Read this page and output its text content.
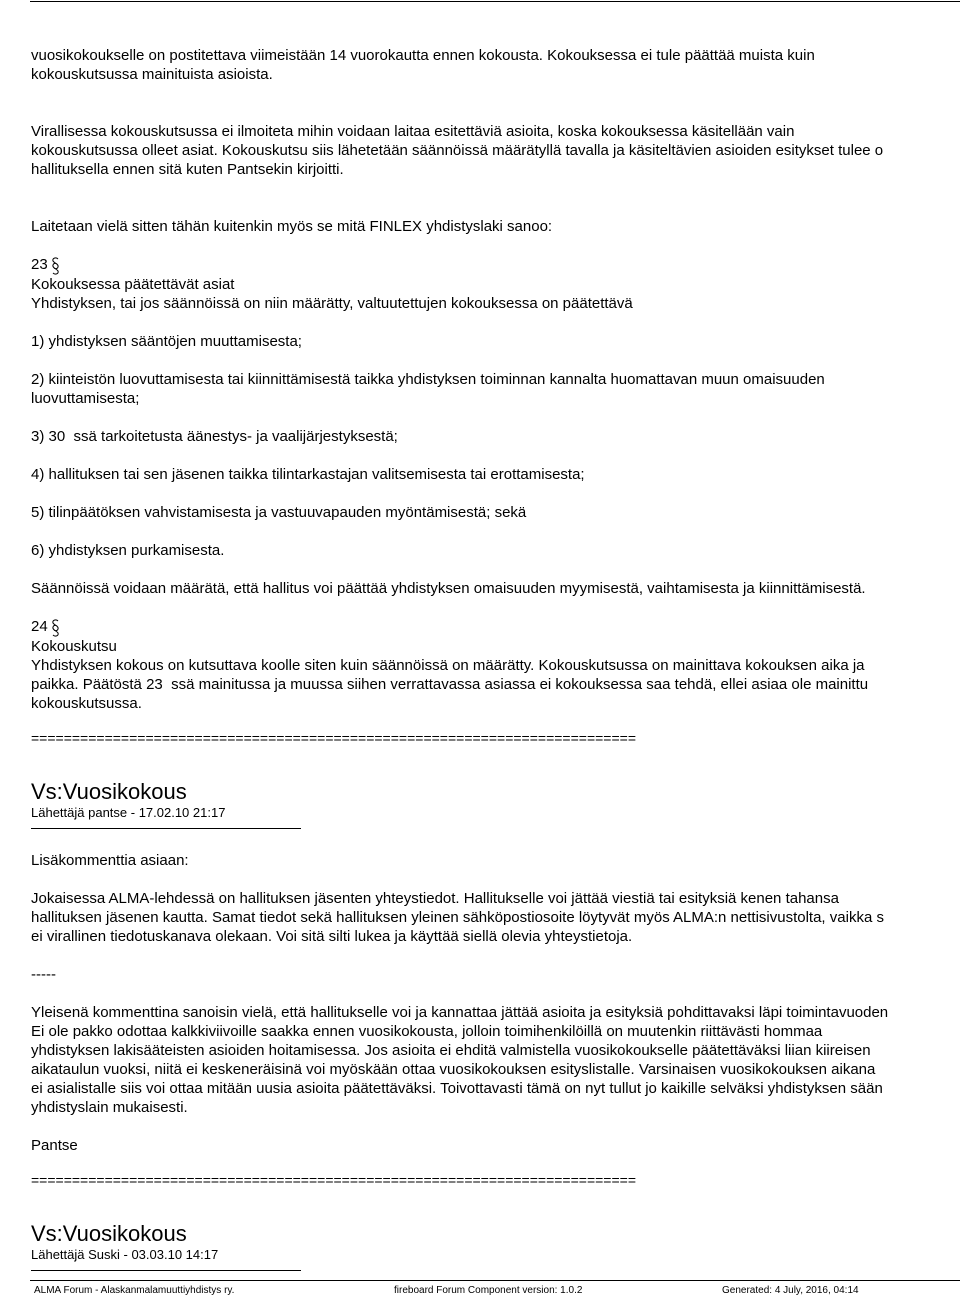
vuosikokoukselle on postitettava viimeistään 14 vuorokautta ennen kokousta. Kokouksessa ei tule päättää muista kuin
kokouskutsussa mainituista asioista.

Virallisessa kokouskutsussa ei ilmoiteta mihin voidaan laitaa esitettäviä asioita, koska kokouksessa käsitellään vain
kokouskutsussa olleet asiat. Kokouskutsu siis lähetetään säännöissä määrätyllä tavalla ja käsiteltävien asioiden esitykset tulee o
hallituksella ennen sitä kuten Pantsekin kirjoitti.

Laitetaan vielä sitten tähän kuitenkin myös se mitä FINLEX yhdistyslaki sanoo:

23
Kokouksessa päätettävät asiat
Yhdistyksen, tai jos säännöissä on niin määrätty, valtuutettujen kokouksessa on päätettävä
1) yhdistyksen sääntöjen muuttamisesta;

2) kiinteistön luovuttamisesta tai kiinnittämisestä taikka yhdistyksen toiminnan kannalta huomattavan muun omaisuuden
luovuttamisesta;

3) 30  ssä tarkoitetusta äänestys- ja vaalijärjestyksestä;
4) hallituksen tai sen jäsenen taikka tilintarkastajan valitsemisesta tai erottamisesta;
5) tilinpäätöksen vahvistamisesta ja vastuuvapauden myöntämisestä; sekä
6) yhdistyksen purkamisesta.
Säännöissä voidaan määrätä, että hallitus voi päättää yhdistyksen omaisuuden myymisestä, vaihtamisesta ja kiinnittämisestä.
24
Kokouskutsu

Yhdistyksen kokous on kutsuttava koolle siten kuin säännöissä on määrätty. Kokouskutsussa on mainittava kokouksen aika ja
paikka. Päätöstä 23  ssä mainitussa ja muussa siihen verrattavassa asiassa ei kokouksessa saa tehdä, ellei asiaa ole mainittu
kokouskutsussa.

==========================================================================
Vs:Vuosikokous
Lähettäjä pantse - 17.02.10 21:17
Lisäkommenttia asiaan:

Jokaisessa ALMA-lehdessä on hallituksen jäsenten yhteystiedot. Hallitukselle voi jättää viestiä tai esityksiä kenen tahansa
hallituksen jäsenen kautta. Samat tiedot sekä hallituksen yleinen sähköpostiosoite löytyvät myös ALMA:n nettisivustolta, vaikka s
ei virallinen tiedotuskanava olekaan. Voi sitä silti lukea ja käyttää siellä olevia yhteystietoja.

-----

Yleisenä kommenttina sanoisin vielä, että hallitukselle voi ja kannattaa jättää asioita ja esityksiä pohdittavaksi läpi toimintavuoden
Ei ole pakko odottaa kalkkiviivoille saakka ennen vuosikokousta, jolloin toimihenkilöillä on muutenkin riittävästi hommaa
yhdistyksen lakisääteisten asioiden hoitamisessa. Jos asioita ei ehditä valmistella vuosikokoukselle päätettäväksi liian kiireisen
aikataulun vuoksi, niitä ei keskeneräisinä voi myöskään ottaa vuosikokouksen esityslistalle. Varsinaisen vuosikokouksen aikana
ei asialistalle siis voi ottaa mitään uusia asioita päätettäväksi. Toivottavasti tämä on nyt tullut jo kaikille selväksi yhdistyksen sään
yhdistyslain mukaisesti.

Pantse
==========================================================================
Vs:Vuosikokous
Lähettäjä Suski - 03.03.10 14:17
ALMA Forum - Alaskanmalamuuttiyhdistys ry.	fireboard Forum Component version: 1.0.2	Generated: 4 July, 2016, 04:14
